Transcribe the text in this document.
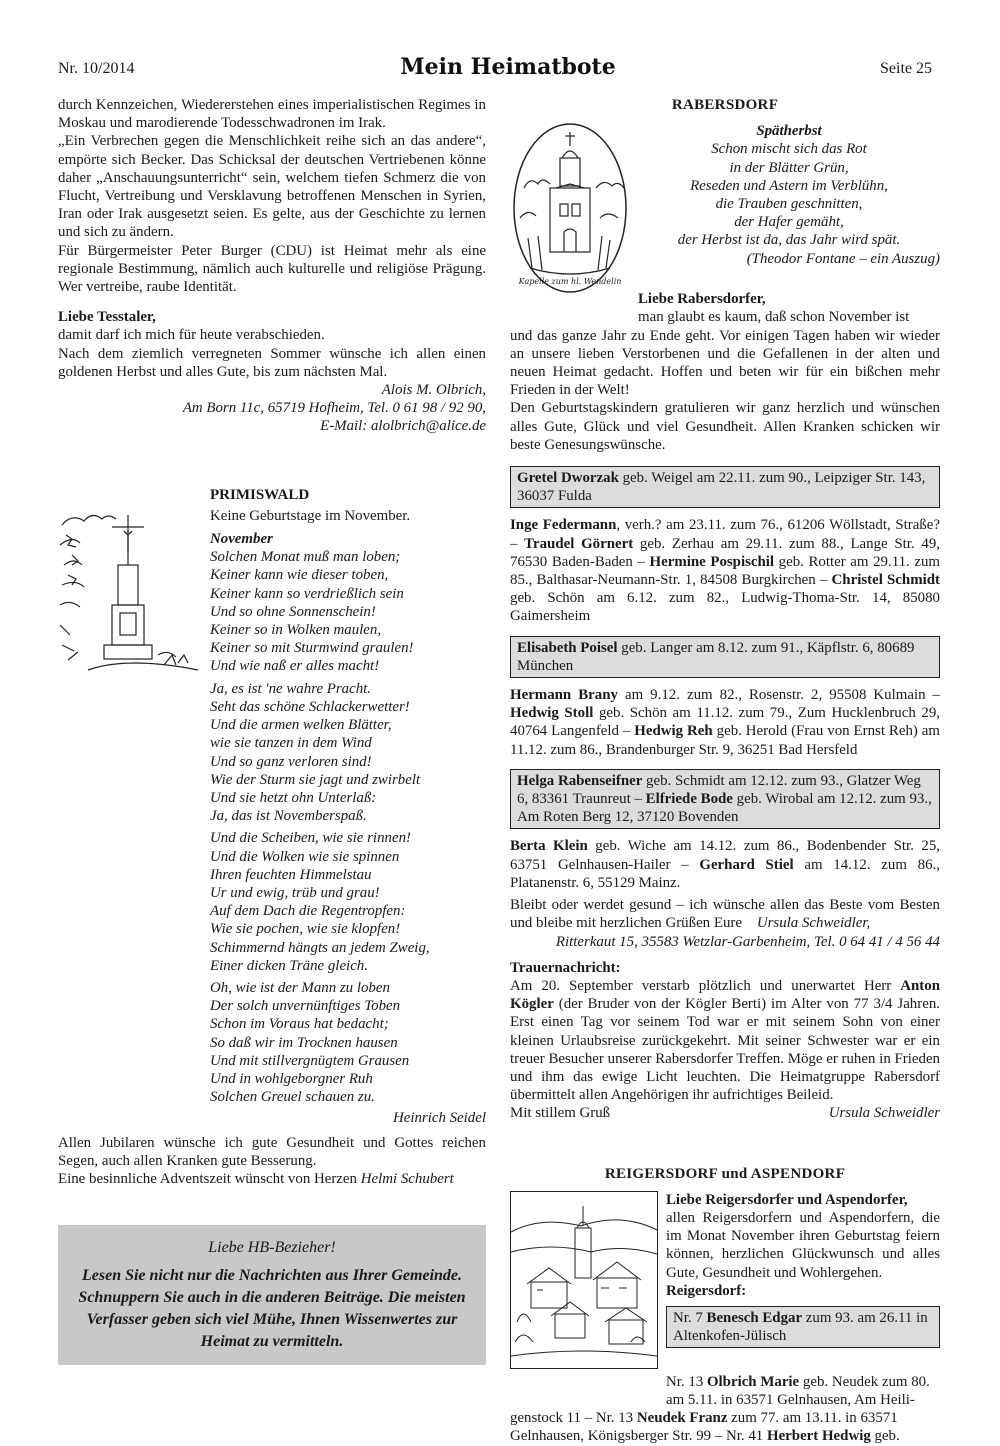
Nr. 10/2014	Mein Heimatbote	Seite 25

durch Kennzeichen, Wiedererstehen eines imperialistischen Regimes in Moskau und marodierende Todesschwadronen im Irak.

„Ein Verbrechen gegen die Menschlichkeit reihe sich an das andere“, empörte sich Becker. Das Schicksal der deutschen Vertriebenen könne daher „Anschauungsunterricht“ sein, welchem tiefen Schmerz die von Flucht, Vertreibung und Versklavung betroffenen Menschen in Syrien, Iran oder Irak ausgesetzt seien. Es gelte, aus der Geschichte zu lernen und sich zu ändern.

Für Bürgermeister Peter Burger (CDU) ist Heimat mehr als eine regionale Bestimmung, nämlich auch kulturelle und religiöse Prägung. Wer vertreibe, raube Identität.

Liebe Tesstaler,

damit darf ich mich für heute verabschieden.

Nach dem ziemlich verregneten Sommer wünsche ich allen einen goldenen Herbst und alles Gute, bis zum nächsten Mal.

Alois M. Olbrich,

Am Born 11c, 65719 Hofheim, Tel. 0 61 98 / 92 90,

E-Mail: alolbrich@alice.de

PRIMISWALD

Keine Geburtstage im November.

November

Solchen Monat muß man loben;

Keiner kann wie dieser toben,

Keiner kann so verdrießlich sein

Und so ohne Sonnenschein!

Keiner so in Wolken maulen,

Keiner so mit Sturmwind graulen!

Und wie naß er alles macht!

Ja, es ist 'ne wahre Pracht.

Seht das schöne Schlackerwetter!

Und die armen welken Blätter,

wie sie tanzen in dem Wind

Und so ganz verloren sind!

Wie der Sturm sie jagt und zwirbelt

Und sie hetzt ohn Unterlaß:

Ja, das ist Novemberspaß.

Und die Scheiben, wie sie rinnen!

Und die Wolken wie sie spinnen

Ihren feuchten Himmelstau

Ur und ewig, trüb und grau!

Auf dem Dach die Regentropfen:

Wie sie pochen, wie sie klopfen!

Schimmernd hängts an jedem Zweig,

Einer dicken Träne gleich.

Oh, wie ist der Mann zu loben

Der solch unvernünftiges Toben

Schon im Voraus hat bedacht;

So daß wir im Trocknen hausen

Und mit stillvergnügtem Grausen

Und in wohlgeborgner Ruh

Solchen Greuel schauen zu.

Heinrich Seidel

Allen Jubilaren wünsche ich gute Gesundheit und Gottes reichen Segen, auch allen Kranken gute Besserung.

Eine besinnliche Adventszeit wünscht von Herzen Helmi Schubert

Liebe HB-Bezieher!

Lesen Sie nicht nur die Nachrichten aus Ihrer Gemeinde. Schnuppern Sie auch in die anderen Beiträge. Die meisten Verfasser geben sich viel Mühe, Ihnen Wissenwertes zur Heimat zu vermitteln.

RABERSDORF

Kapelle zum hl. Wendelin

Spätherbst

Schon mischt sich das Rot

in der Blätter Grün,

Reseden und Astern im Verblühn,

die Trauben geschnitten,

der Hafer gemäht,

der Herbst ist da, das Jahr wird spät.

(Theodor Fontane – ein Auszug)

Liebe Rabersdorfer,

man glaubt es kaum, daß schon November ist

und das ganze Jahr zu Ende geht. Vor einigen Tagen haben wir wieder an unsere lieben Verstorbenen und die Gefallenen in der alten und neuen Heimat gedacht. Hoffen und beten wir für ein bißchen mehr Frieden in der Welt!

Den Geburtstagskindern gratulieren wir ganz herzlich und wünschen alles Gute, Glück und viel Gesundheit. Allen Kranken schicken wir beste Genesungswünsche.

Gretel Dworzak geb. Weigel am 22.11. zum 90., Leipziger Str. 143, 36037 Fulda

Inge Federmann, verh.? am 23.11. zum 76., 61206 Wöllstadt, Straße? – Traudel Görnert geb. Zerhau am 29.11. zum 88., Lange Str. 49, 76530 Baden-Baden – Hermine Pospischil geb. Rotter am 29.11. zum 85., Balthasar-Neumann-Str. 1, 84508 Burgkirchen – Christel Schmidt geb. Schön am 6.12. zum 82., Ludwig-Thoma-Str. 14, 85080 Gaimersheim

Elisabeth Poisel geb. Langer am 8.12. zum 91., Käpflstr. 6, 80689 München

Hermann Brany am 9.12. zum 82., Rosenstr. 2, 95508 Kulmain – Hedwig Stoll geb. Schön am 11.12. zum 79., Zum Hucklenbruch 29, 40764 Langenfeld – Hedwig Reh geb. Herold (Frau von Ernst Reh) am 11.12. zum 86., Brandenburger Str. 9, 36251 Bad Hersfeld

Helga Rabenseifner geb. Schmidt am 12.12. zum 93., Glatzer Weg 6, 83361 Traunreut – Elfriede Bode geb. Wirobal am 12.12. zum 93., Am Roten Berg 12, 37120 Bovenden

Berta Klein geb. Wiche am 14.12. zum 86., Bodenbender Str. 25, 63751 Gelnhausen-Hailer – Gerhard Stiel am 14.12. zum 86., Platanenstr. 6, 55129 Mainz.

Bleibt oder werdet gesund – ich wünsche allen das Beste vom Besten und bleibe mit herzlichen Grüßen Eure Ursula Schweidler,

Ritterkaut 15, 35583 Wetzlar-Garbenheim, Tel. 0 64 41 / 4 56 44

Trauernachricht:

Am 20. September verstarb plötzlich und unerwartet Herr Anton Kögler (der Bruder von der Kögler Berti) im Alter von 77 3/4 Jahren. Erst einen Tag vor seinem Tod war er mit seinem Sohn von einer kleinen Urlaubsreise zurückgekehrt. Mit seiner Schwester war er ein treuer Besucher unserer Rabersdorfer Treffen. Möge er ruhen in Frieden und ihm das ewige Licht leuchten. Die Heimatgruppe Rabersdorf übermittelt allen Angehörigen ihr aufrichtiges Beileid.

Mit stillem Gruß	Ursula Schweidler

REIGERSDORF und ASPENDORF

Liebe Reigersdorfer und Aspendorfer,

allen Reigersdorfern und Aspendorfern, die im Monat November ihren Geburtstag feiern können, herzlichen Glückwunsch und alles Gute, Gesundheit und Wohlergehen.

Reigersdorf:

Nr. 7 Benesch Edgar zum 93. am 26.11 in Altenkofen-Jülisch

Nr. 13 Olbrich Marie geb. Neudek zum 80.

am 5.11. in 63571 Gelnhausen, Am Heili-

genstock 11 – Nr. 13 Neudek Franz zum 77. am 13.11. in 63571

Gelnhausen, Königsberger Str. 99 – Nr. 41 Herbert Hedwig geb.
